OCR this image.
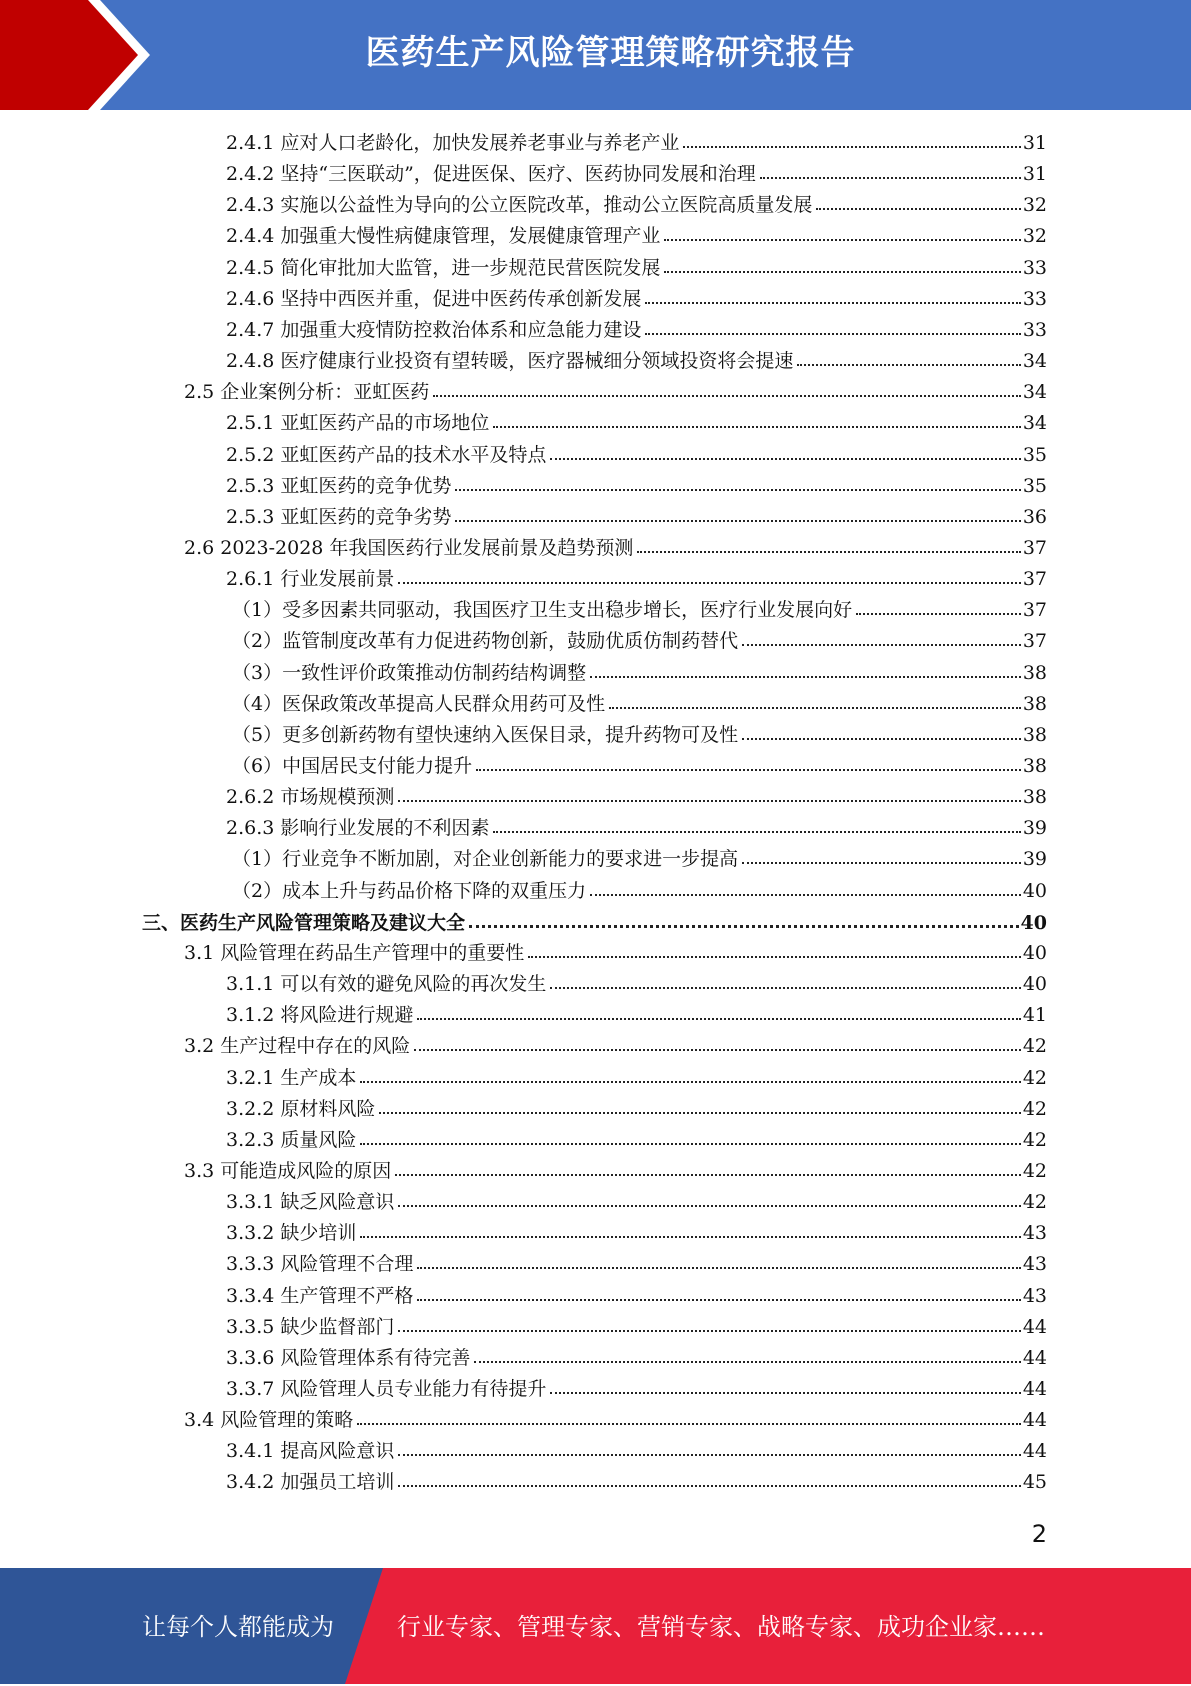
医药生产风险管理策略研究报告
2.4.1 应对人口老龄化，加快发展养老事业与养老产业	31
2.4.2 坚持“三医联动”，促进医保、医疗、医药协同发展和治理	31
2.4.3 实施以公益性为导向的公立医院改革，推动公立医院高质量发展	32
2.4.4 加强重大慢性病健康管理，发展健康管理产业	32
2.4.5 简化审批加大监管，进一步规范民营医院发展	33
2.4.6 坚持中西医并重，促进中医药传承创新发展	33
2.4.7 加强重大疫情防控救治体系和应急能力建设	33
2.4.8 医疗健康行业投资有望转暖，医疗器械细分领域投资将会提速	34
2.5 企业案例分析：亚虹医药	34
2.5.1 亚虹医药产品的市场地位	34
2.5.2 亚虹医药产品的技术水平及特点	35
2.5.3 亚虹医药的竞争优势	35
2.5.3 亚虹医药的竞争劣势	36
2.6 2023-2028 年我国医药行业发展前景及趋势预测	37
2.6.1 行业发展前景	37
（1）受多因素共同驱动，我国医疗卫生支出稳步增长，医疗行业发展向好	37
（2）监管制度改革有力促进药物创新，鼓励优质仿制药替代	37
（3）一致性评价政策推动仿制药结构调整	38
（4）医保政策改革提高人民群众用药可及性	38
（5）更多创新药物有望快速纳入医保目录，提升药物可及性	38
（6）中国居民支付能力提升	38
2.6.2 市场规模预测	38
2.6.3 影响行业发展的不利因素	39
（1）行业竞争不断加剧，对企业创新能力的要求进一步提高	39
（2）成本上升与药品价格下降的双重压力	40
三、医药生产风险管理策略及建议大全	40
3.1 风险管理在药品生产管理中的重要性	40
3.1.1 可以有效的避免风险的再次发生	40
3.1.2 将风险进行规避	41
3.2 生产过程中存在的风险	42
3.2.1 生产成本	42
3.2.2 原材料风险	42
3.2.3 质量风险	42
3.3 可能造成风险的原因	42
3.3.1 缺乏风险意识	42
3.3.2 缺少培训	43
3.3.3 风险管理不合理	43
3.3.4 生产管理不严格	43
3.3.5 缺少监督部门	44
3.3.6 风险管理体系有待完善	44
3.3.7 风险管理人员专业能力有待提升	44
3.4 风险管理的策略	44
3.4.1 提高风险意识	44
3.4.2 加强员工培训	45
2
让每个人都能成为	行业专家、管理专家、营销专家、战略专家、成功企业家……
